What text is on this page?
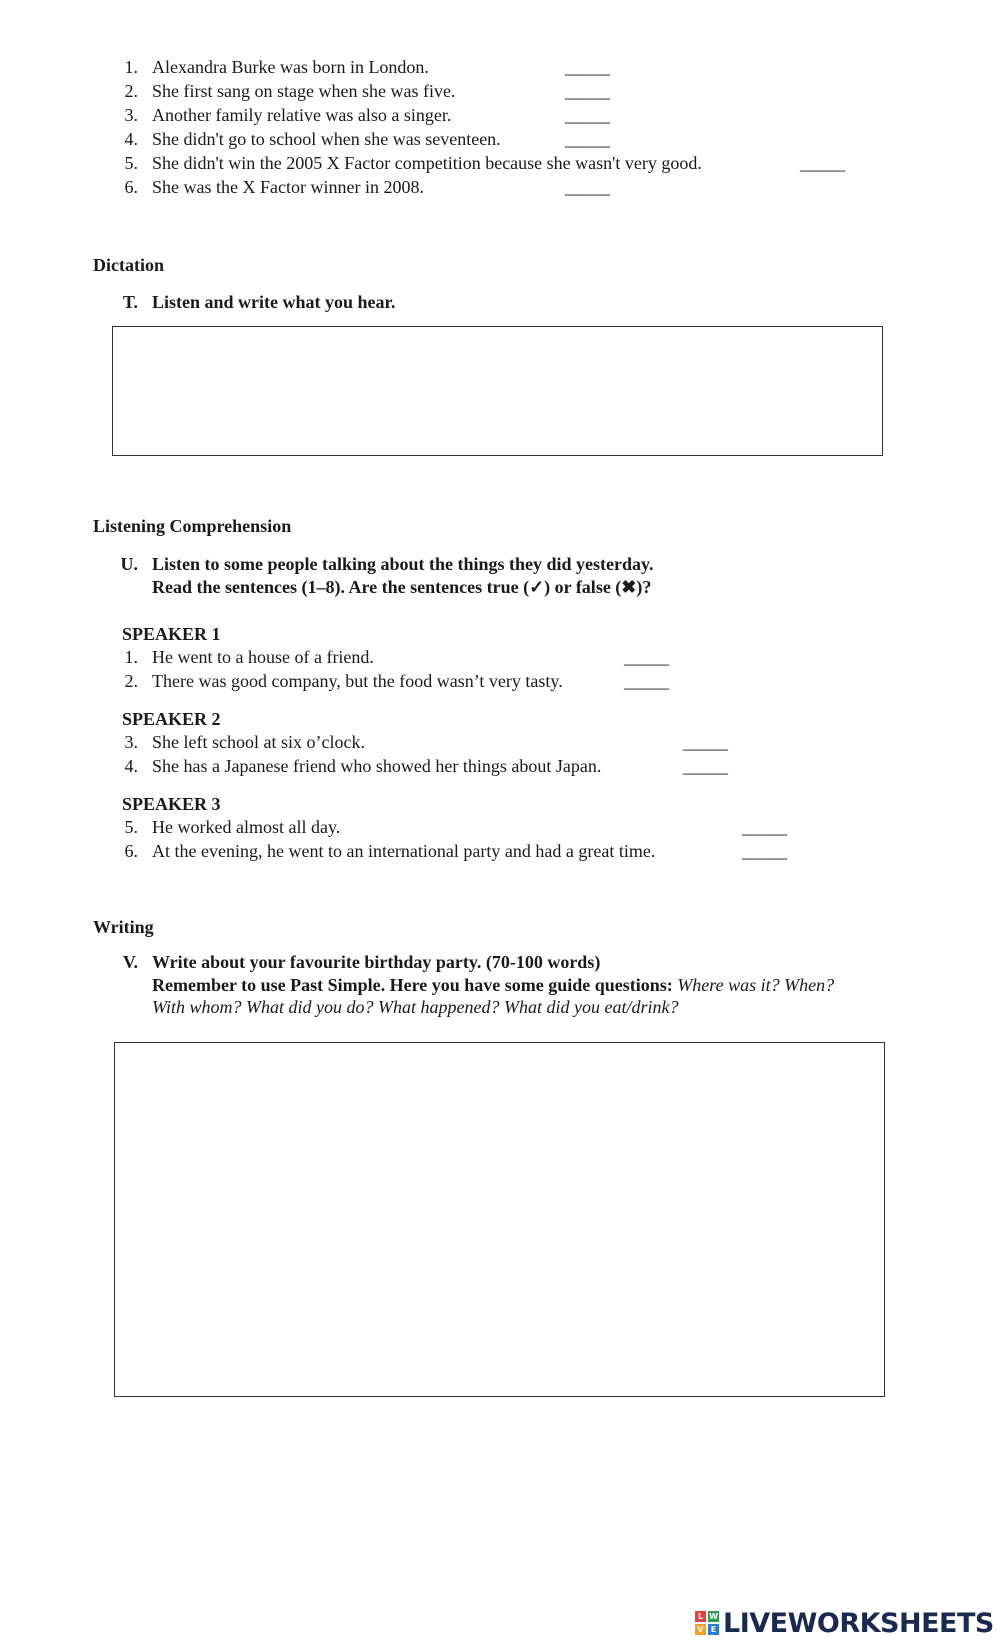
1. Alexandra Burke was born in London.	_____
2. She first sang on stage when she was five.	_____
3. Another family relative was also a singer.	_____
4. She didn't go to school when she was seventeen.	_____
5. She didn't win the 2005 X Factor competition because she wasn't very good.	_____
6. She was the X Factor winner in 2008.	_____
Dictation
T. Listen and write what you hear.
Listening Comprehension
U. Listen to some people talking about the things they did yesterday.
Read the sentences (1–8). Are the sentences true (✓) or false (✖)?
SPEAKER 1
1. He went to a house of a friend.	_____
2. There was good company, but the food wasn’t very tasty.	_____
SPEAKER 2
3. She left school at six o’clock.	_____
4. She has a Japanese friend who showed her things about Japan.	_____
SPEAKER 3
5. He worked almost all day.	_____
6. At the evening, he went to an international party and had a great time.	_____
Writing
V. Write about your favourite birthday party. (70-100 words)
Remember to use Past Simple. Here you have some guide questions: Where was it? When?
With whom? What did you do? What happened? What did you eat/drink?
L W
V E LIVEWORKSHEETS
